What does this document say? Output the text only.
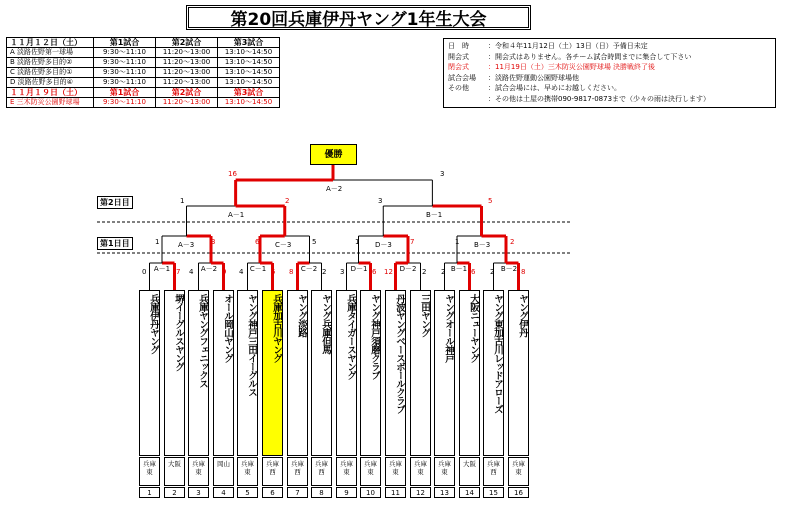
第20回兵庫伊丹ヤング1年生大会
１１月１２日（土）	第1試合	第2試合	第3試合
A 淡路佐野第一球場	9:30～11:10	11:20～13:00	13:10～14:50
B 淡路佐野多目的②	9:30～11:10	11:20～13:00	13:10～14:50
C 淡路佐野多目的①	9:30～11:10	11:20～13:00	13:10～14:50
D 淡路佐野多目的④	9:30～11:10	11:20～13:00	13:10～14:50
１１月１９日（土）	第1試合	第2試合	第3試合
E 三木防災公園野球場	9:30～11:10	11:20～13:00	13:10～14:50
日　時	：令和４年11月12日（土）13日（日）予備日未定
開会式	：開会式はありません。各チーム試合時間までに集合して下さい
閉会式	：11月19日（土）三木防災公園野球場 決勝戦終了後
試合会場	：淡路佐野運動公園野球場他
その他	：試合会場には、早めにお越しください。
：その他は土屋の携帯090-9817-0873まで（少々の雨は決行します）
優勝
第2日目
第1日目
0	7 4	9 4	5 8	2 3	6 12	2 2	6 2	8
A－1	A－2	C－1	C－2	D－1	D－2	B－1	B－2
1	3	6	5	1	7	1	2
A－3	C－3	D－3	B－3
1	2	3	5
A－1	B－1
16	3
A－2
兵庫伊丹ヤング
兵庫東
1
堺イーグルスヤング
大阪
2
兵庫ヤングフェニックス
兵庫東
3
オール岡山ヤング
岡山
4
ヤング神戸三田イーグルス
兵庫東
5
兵庫加古川ヤング
兵庫西
6
ヤング淡路
兵庫西
7
ヤング兵庫但馬
兵庫西
8
兵庫タイガースヤング
兵庫東
9
ヤング神戸須磨クラブ
兵庫東
10
丹波ヤングベースボールクラブ
兵庫東
11
三田ヤング
兵庫東
12
ヤングオール神戸
兵庫東
13
大阪ニューヤング
大阪
14
ヤング東加古川レッドアローズ
兵庫西
15
ヤング伊丹
兵庫東
16
